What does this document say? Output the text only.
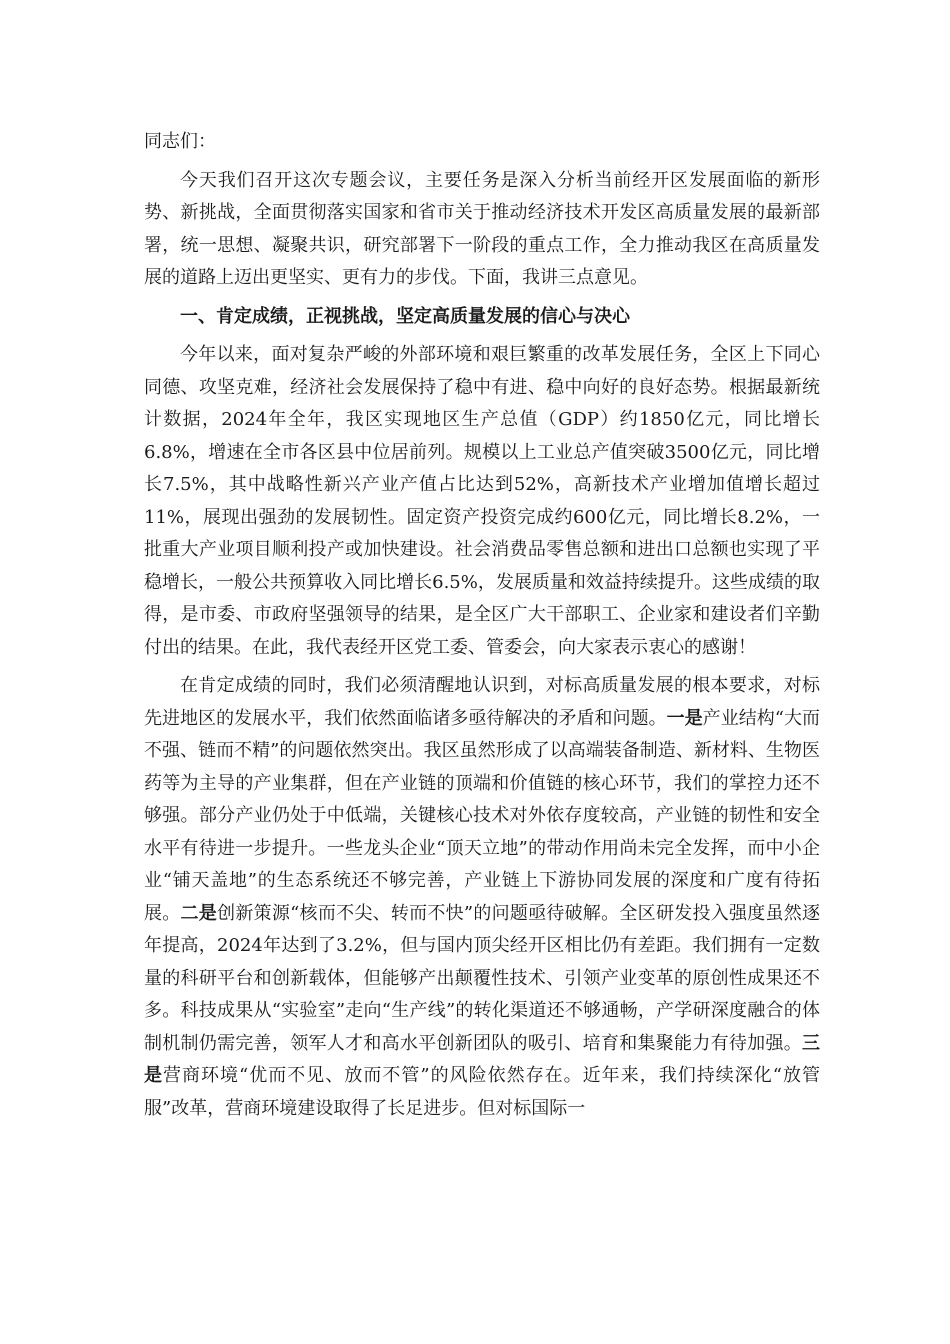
同志们：

今天我们召开这次专题会议，主要任务是深入分析当前经开区发展面临的新形势、新挑战，全面贯彻落实国家和省市关于推动经济技术开发区高质量发展的最新部署，统一思想、凝聚共识，研究部署下一阶段的重点工作，全力推动我区在高质量发展的道路上迈出更坚实、更有力的步伐。下面，我讲三点意见。

一、肯定成绩，正视挑战，坚定高质量发展的信心与决心

今年以来，面对复杂严峻的外部环境和艰巨繁重的改革发展任务，全区上下同心同德、攻坚克难，经济社会发展保持了稳中有进、稳中向好的良好态势。根据最新统计数据，2024年全年，我区实现地区生产总值（GDP）约1850亿元，同比增长6.8%，增速在全市各区县中位居前列。规模以上工业总产值突破3500亿元，同比增长7.5%，其中战略性新兴产业产值占比达到52%，高新技术产业增加值增长超过11%，展现出强劲的发展韧性。固定资产投资完成约600亿元，同比增长8.2%，一批重大产业项目顺利投产或加快建设。社会消费品零售总额和进出口总额也实现了平稳增长，一般公共预算收入同比增长6.5%，发展质量和效益持续提升。这些成绩的取得，是市委、市政府坚强领导的结果，是全区广大干部职工、企业家和建设者们辛勤付出的结果。在此，我代表经开区党工委、管委会，向大家表示衷心的感谢！

在肯定成绩的同时，我们必须清醒地认识到，对标高质量发展的根本要求，对标先进地区的发展水平，我们依然面临诸多亟待解决的矛盾和问题。一是产业结构“大而不强、链而不精”的问题依然突出。我区虽然形成了以高端装备制造、新材料、生物医药等为主导的产业集群，但在产业链的顶端和价值链的核心环节，我们的掌控力还不够强。部分产业仍处于中低端，关键核心技术对外依存度较高，产业链的韧性和安全水平有待进一步提升。一些龙头企业“顶天立地”的带动作用尚未完全发挥，而中小企业“铺天盖地”的生态系统还不够完善，产业链上下游协同发展的深度和广度有待拓展。二是创新策源“核而不尖、转而不快”的问题亟待破解。全区研发投入强度虽然逐年提高，2024年达到了3.2%，但与国内顶尖经开区相比仍有差距。我们拥有一定数量的科研平台和创新载体，但能够产出颠覆性技术、引领产业变革的原创性成果还不多。科技成果从“实验室”走向“生产线”的转化渠道还不够通畅，产学研深度融合的体制机制仍需完善，领军人才和高水平创新团队的吸引、培育和集聚能力有待加强。三是营商环境“优而不见、放而不管”的风险依然存在。近年来，我们持续深化“放管服”改革，营商环境建设取得了长足进步。但对标国际一
